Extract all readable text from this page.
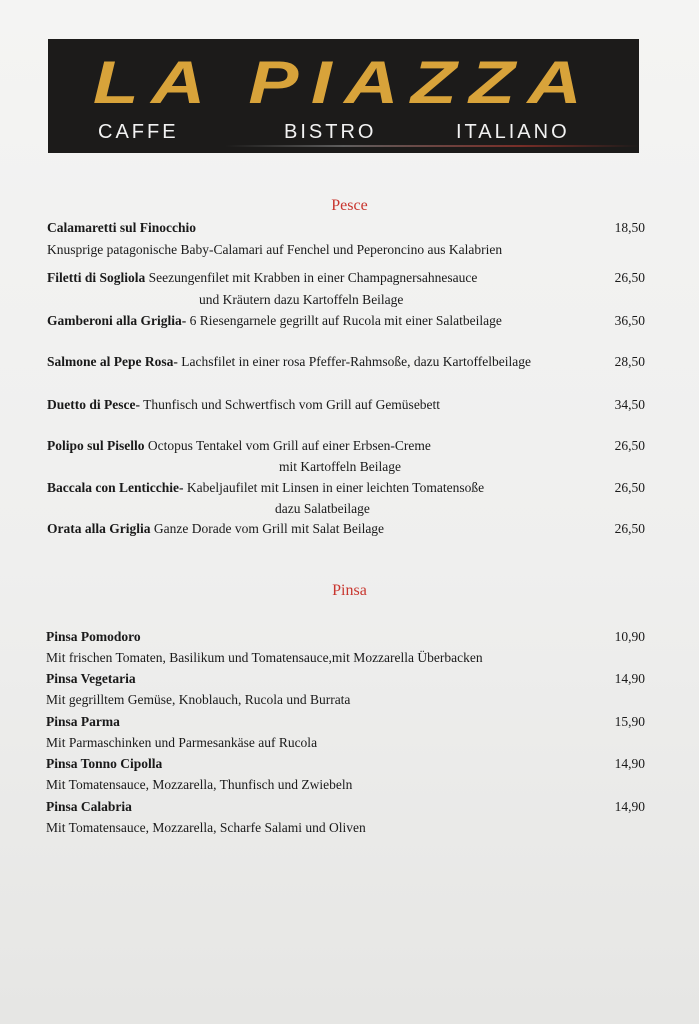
LA PIAZZA
CAFFE	BISTRO	ITALIANO
Pesce
Calamaretti sul Finocchio	18,50
Knusprige patagonische Baby-Calamari auf Fenchel und Peperoncino aus Kalabrien
Filetti di Sogliola Seezungenfilet mit Krabben in einer Champagnersahnesauce	26,50
und Kräutern dazu Kartoffeln Beilage
Gamberoni alla Griglia- 6 Riesengarnele gegrillt auf Rucola mit einer Salatbeilage	36,50
Salmone al Pepe Rosa- Lachsfilet in einer rosa Pfeffer-Rahmsoße, dazu Kartoffelbeilage	28,50
Duetto di Pesce- Thunfisch und Schwertfisch vom Grill auf Gemüsebett	34,50
Polipo sul Pisello Octopus Tentakel vom Grill auf einer Erbsen-Creme	26,50
mit Kartoffeln Beilage
Baccala con Lenticchie- Kabeljaufilet mit Linsen in einer leichten Tomatensoße	26,50
dazu Salatbeilage
Orata alla Griglia Ganze Dorade vom Grill mit Salat Beilage	26,50
Pinsa
Pinsa Pomodoro	10,90
Mit frischen Tomaten, Basilikum und Tomatensauce,mit Mozzarella Überbacken
Pinsa Vegetaria	14,90
Mit gegrilltem Gemüse, Knoblauch, Rucola und Burrata
Pinsa Parma	15,90
Mit Parmaschinken und Parmesankäse auf Rucola
Pinsa Tonno Cipolla	14,90
Mit Tomatensauce, Mozzarella, Thunfisch und Zwiebeln
Pinsa Calabria	14,90
Mit Tomatensauce, Mozzarella, Scharfe Salami und Oliven
